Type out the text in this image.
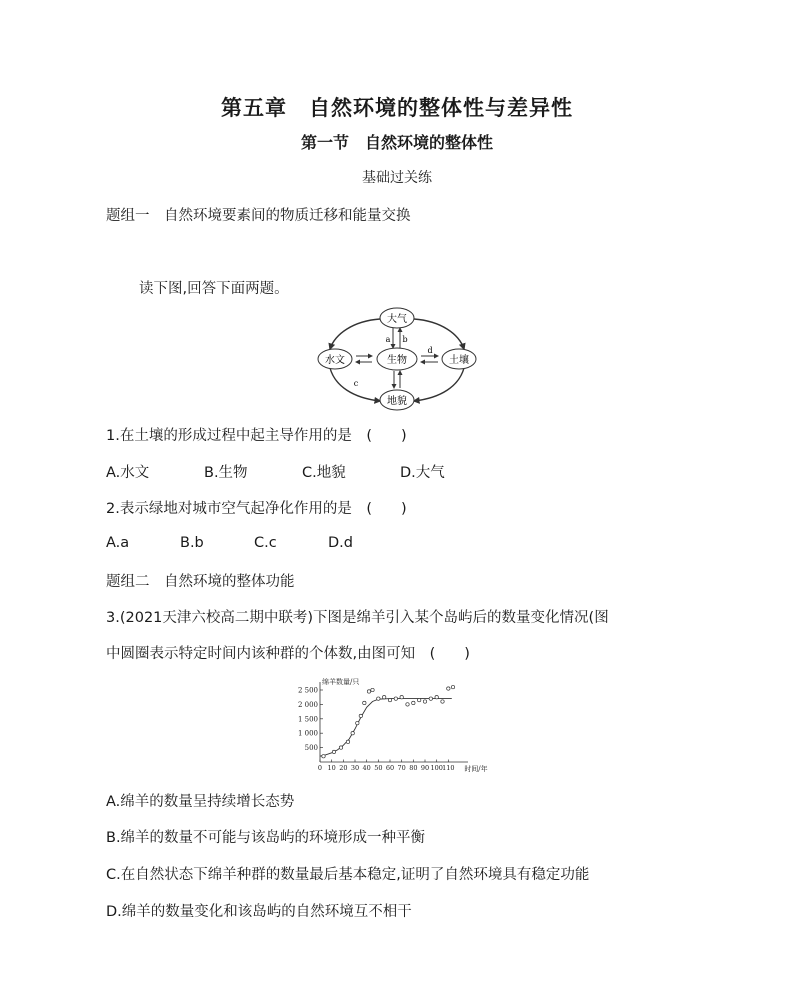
第五章　自然环境的整体性与差异性
第一节　自然环境的整体性
基础过关练
题组一　自然环境要素间的物质迁移和能量交换
读下图,回答下面两题。
大气
水文	生物	土壤
地貌
a b
c
d
1.在土壤的形成过程中起主导作用的是　(　　)
A.水文	B.生物	C.地貌	D.大气
2.表示绿地对城市空气起净化作用的是　(　　)
A.a	B.b	C.c	D.d
题组二　自然环境的整体功能
3.(2021天津六校高二期中联考)下图是绵羊引入某个岛屿后的数量变化情况(图
中圆圈表示特定时间内该种群的个体数,由图可知　(　　)
500
1 000
1 500
2 000
2 500
0 10 20 30 40 50 60 70 80 90 100 110
绵羊数量/只
时间/年
A.绵羊的数量呈持续增长态势
B.绵羊的数量不可能与该岛屿的环境形成一种平衡
C.在自然状态下绵羊种群的数量最后基本稳定,证明了自然环境具有稳定功能
D.绵羊的数量变化和该岛屿的自然环境互不相干
